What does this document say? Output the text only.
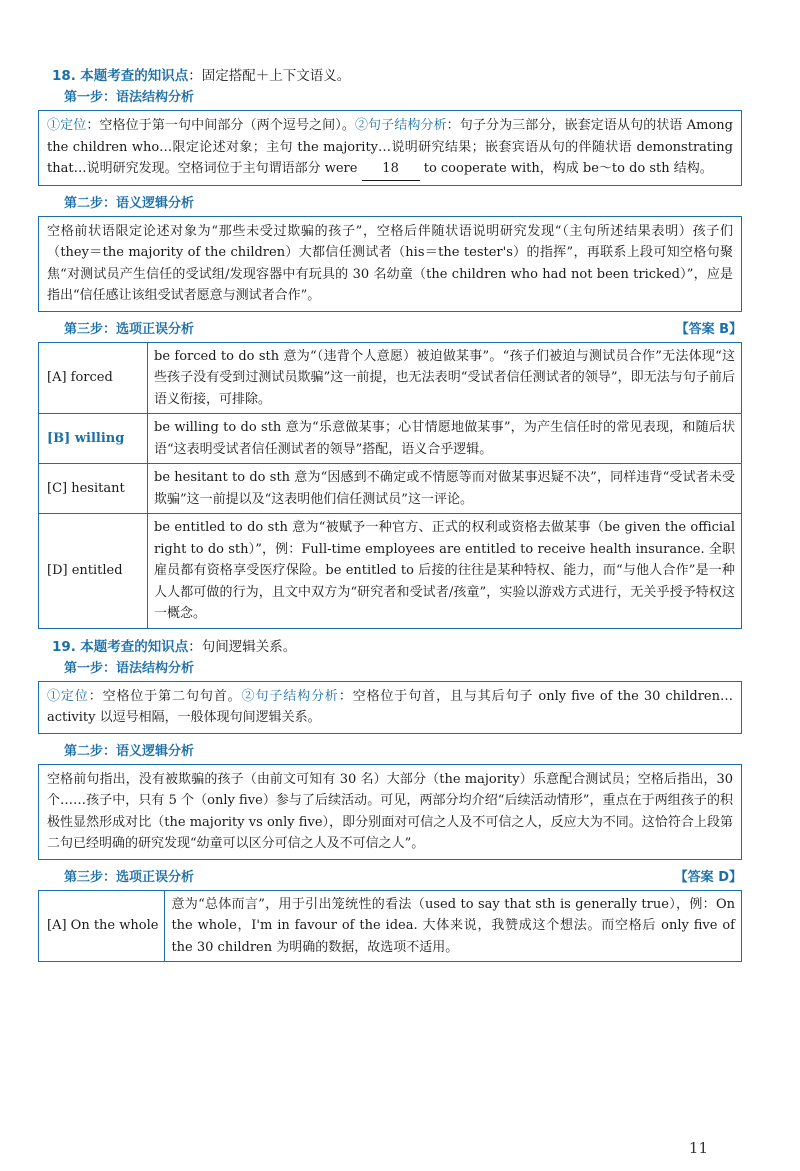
18. 本题考查的知识点：固定搭配＋上下文语义。
第一步：语法结构分析
①定位：空格位于第一句中间部分（两个逗号之间）。②句子结构分析：句子分为三部分，嵌套定语从句的状语 Among the children who…限定论述对象；主句 the majority…说明研究结果；嵌套宾语从句的伴随状语 demonstrating that…说明研究发现。空格词位于主句谓语部分 were 18 to cooperate with，构成 be～to do sth 结构。
第二步：语义逻辑分析
空格前状语限定论述对象为“那些未受过欺骗的孩子”，空格后伴随状语说明研究发现“（主句所述结果表明）孩子们（they＝the majority of the children）大都信任测试者（his＝the tester's）的指挥”，再联系上段可知空格句聚焦“对测试员产生信任的受试组/发现容器中有玩具的 30 名幼童（the children who had not been tricked）”，应是指出“信任感让该组受试者愿意与测试者合作”。
第三步：选项正误分析	【答案 B】
[A] forced	be forced to do sth 意为“（违背个人意愿）被迫做某事”。“孩子们被迫与测试员合作”无法体现“这些孩子没有受到过测试员欺骗”这一前提，也无法表明“受试者信任测试者的领导”，即无法与句子前后语义衔接，可排除。
[B] willing	be willing to do sth 意为“乐意做某事；心甘情愿地做某事”，为产生信任时的常见表现，和随后状语“这表明受试者信任测试者的领导”搭配，语义合乎逻辑。
[C] hesitant	be hesitant to do sth 意为“因感到不确定或不情愿等而对做某事迟疑不决”，同样违背“受试者未受欺骗”这一前提以及“这表明他们信任测试员”这一评论。
[D] entitled	be entitled to do sth 意为“被赋予一种官方、正式的权利或资格去做某事（be given the official right to do sth）”，例：Full-time employees are entitled to receive health insurance. 全职雇员都有资格享受医疗保险。be entitled to 后接的往往是某种特权、能力，而“与他人合作”是一种人人都可做的行为，且文中双方为“研究者和受试者/孩童”，实验以游戏方式进行，无关乎授予特权这一概念。
19. 本题考查的知识点：句间逻辑关系。
第一步：语法结构分析
①定位：空格位于第二句句首。②句子结构分析：空格位于句首，且与其后句子 only five of the 30 children…activity 以逗号相隔，一般体现句间逻辑关系。
第二步：语义逻辑分析
空格前句指出，没有被欺骗的孩子（由前文可知有 30 名）大部分（the majority）乐意配合测试员；空格后指出，30 个……孩子中，只有 5 个（only five）参与了后续活动。可见，两部分均介绍“后续活动情形”，重点在于两组孩子的积极性显然形成对比（the majority vs only five），即分别面对可信之人及不可信之人，反应大为不同。这恰符合上段第二句已经明确的研究发现“幼童可以区分可信之人及不可信之人”。
第三步：选项正误分析	【答案 D】
[A] On the whole	意为“总体而言”，用于引出笼统性的看法（used to say that sth is generally true），例：On the whole，I'm in favour of the idea. 大体来说，我赞成这个想法。而空格后 only five of the 30 children 为明确的数据，故选项不适用。
11
